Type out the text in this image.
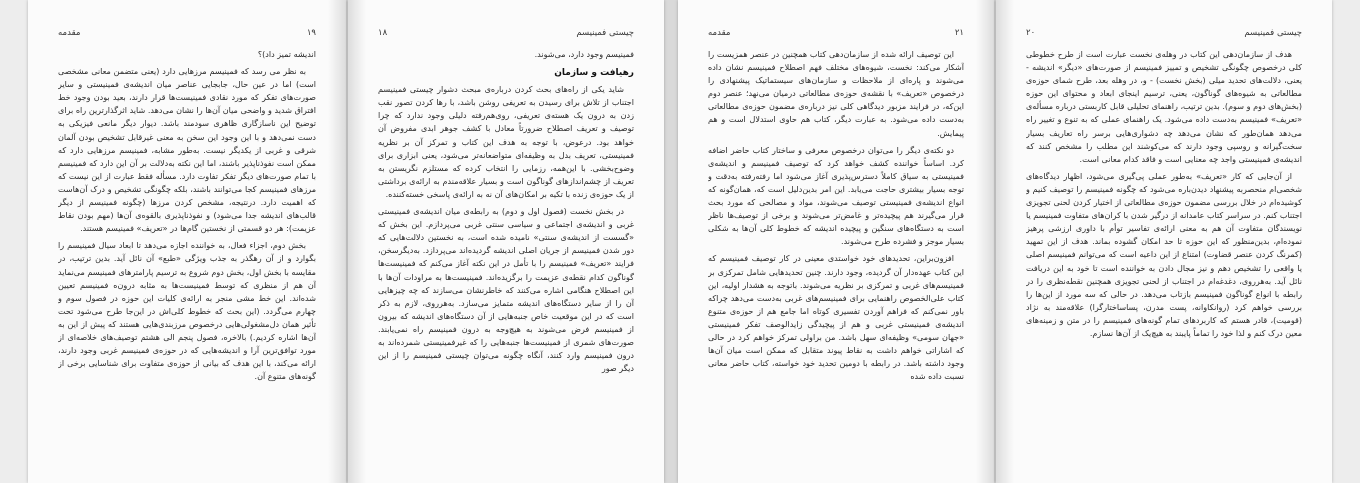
۱۹
مقدمه

اندیشه تمیز داد)؟

به نظر می رسد که فمینیسم مرزهایی دارد (یعنی متضمن معانی مشخصی است) اما در عین حال، جابجایی عناصر میان اندیشه‌ی فمینیستی و سایر صورت‌های تفکر که مورد نقادی فمینیست‌ها قرار دارند، بعید بودن وجود خط افتراق شدید و واضحی میان آن‌ها را نشان می‌دهد. شاید اثرگذار‌ترین راه برای توضیح این ناسازگاری ظاهری سودمند باشد. دیوار دیگر مانعی فیزیکی به دست نمی‌دهد و با این وجود این سخن به معنی غیرقابل تشخیص بودن آلمان شرقی و غربی از یکدیگر نیست. به‌طور مشابه، فمینیسم مرزهایی دارد که ممکن است نفوذناپذیر باشند، اما این نکته به‌دلالت بر آن این دارد که فمینیسم با تمام صورت‌های دیگر تفکر تفاوت دارد. مسأله فقط عبارت از این نیست که مرزهای فمینیسم کجا می‌توانند باشند، بلکه چگونگی تشخیص و درک آن‌هاست که اهمیت دارد. درنتیجه، مشخص کردن مرزها (چگونه فمینیسم از دیگر قالب‌های اندیشه جدا می‌شود) و نفوذناپذیری بالقوه‌ی آن‌ها (مهم بودن نقاط عزیمت): هر دو قسمتی از نخستین گام‌ها در «تعریف» فمینیسم هستند.

بخش دوم، اجزاء فعال، به خواننده اجازه می‌دهد تا ابعاد سیال فمینیسم را بگوارد و از آن رهگذر به جذب ویژگی «طبع» آن نائل آید. بدین ترتیب، در مقایسه با بخش اول، بخش دوم شروع به ترسیم پارامترهای فمینیسم می‌نماید آن هم از منظری که توسط فمینیست‌ها به مثابه درون‌ه فمینیسم تعیین شده‌اند. این خط مشی منجر به ارائه‌ی کلیات این حوزه در فصول سوم و چهارم می‌گردد. (این بحث که خطوط کلی‌اش در این‌جا طرح می‌شود تحت تأثیر همان دل‌مشغولی‌هایی درخصوص مرزبندی‌هایی هستند که پیش از این به آن‌ها اشاره کردیم.) بالاخره، فصول پنجم الی هشتم توصیف‌های خلاصه‌ای از مورد توافق‌ترین آرا و اندیشه‌هایی که در حوزه‌ی فمینیسم غربی وجود دارند، ارائه می‌کند، با این هدف که بیانی از حوزه‌ی متفاوت برای شناسایی برخی از گونه‌های متنوع آن.

چیستی فمینیسم
۱۸

فمینیسم وجود دارد، می‌شوند.

رهیافت و سازمان

شاید یکی از راه‌های بحث کردن درباره‌ی مبحث دشوار چیستی فمینیسم اجتناب از تلاش برای رسیدن به تعریفی روشن باشد، با رها کردن تصور نقب زدن به درون یک هسته‌ی تعریفی، روی‌هم‌رفته دلیلی وجود ندارد که چرا توصیف و تعریف اصطلاح ضرورتاً معادل با کشف جوهر ابدی مفروض آن خواهد بود. درعوض، با توجه به هدف این کتاب و تمرکز آن بر نظریه فمینیستی، تعریف بدل به وظیفه‌ای متواضعانه‌تر می‌شود، یعنی ابزاری برای وضوح‌بخشی. با این‌همه، رزمایی را انتخاب کرده که مستلزم نگریستن به تعریف از چشم‌اندازهای گوناگون است و بسیار علاقه‌مندم به ارائه‌ی برداشتی از یک حوزه‌ی زنده با تکیه بر امکان‌های آن نه به ارائه‌ی پاسخی خسته‌کننده.

در بخش نخست (فصول اول و دوم) به رابطه‌ی میان اندیشه‌ی فمینیستی غربی و اندیشه‌ی اجتماعی و سیاسی سنتی غربی می‌پردازم. این بخش که «گسست از اندیشه‌ی سنتی» نامیده شده است، به نخستین دلالت‌هایی که دور شدن فمینیسم از جریان اصلی اندیشه گردیده‌اند می‌پردازد. به‌دیگرسخن، فرایند «تعریف» فمینیسم را با تأمل در این نکته آغاز می‌کنم که فمینیست‌ها گوناگون کدام نقطه‌ی عزیمت را برگزیده‌اند. فمینیست‌ها به مراودات آن‌ها با این اصطلاح هنگامی اشاره می‌کنند که خاطرنشان می‌سازند که چه چیزهایی آن را از سایر دستگاه‌های اندیشه متمایز می‌سازد. به‌هرروی، لازم به ذکر است که در این موقعیت خاص جنبه‌هایی از آن دستگاه‌های اندیشه که بیرون از فمینیسم فرض می‌شوند به هیچ‌وجه به درون فمینیسم راه نمی‌یابند. صورت‌های شمری از فمینیست‌ها جنبه‌هایی را که غیرفمینیستی شمرده‌اند به درون فمینیسم وارد کنند، آنگاه چگونه می‌توان چیستی فمینیسم را از این دیگر صور

۲۱
مقدمه

این توصیف ارائه شده از سازمان‌دهی کتاب همچنین در عنصر همزیست را آشکار می‌کند: نخست، شیوه‌های مختلف فهم اصطلاح فمینیسم نشان داده می‌شوند و پاره‌ای از ملاحظات و سازمان‌های سیستماتیک پیشنهادی را درخصوص «تعریف» با نقشه‌ی حوزه‌ی مطالعاتی درمیان می‌نهد؛ عنصر دوم این‌که، در فرایند مزبور دیدگاهی کلی نیز درباره‌ی مضمون حوزه‌ی مطالعاتی به‌دست داده می‌شود. به عبارت دیگر، کتاب هم حاوی استدلال است و هم پیمایش.

دو نکته‌ی دیگر را می‌توان درخصوص معرفی و ساختار کتاب حاضر اضافه کرد. اساساً خواننده کشف خواهد کرد که توصیف فمینیسم و اندیشه‌ی فمینیستی به سیاق کاملاً دسترس‌پذیری آغاز می‌شود اما رفته‌رفته به‌دقت و توجه بسیار بیشتری حاجت می‌یابد. این امر بدین‌دلیل است که، همان‌گونه که انواع اندیشه‌ی فمینیستی توصیف می‌شوند، مواد و مصالحی که مورد بحث قرار می‌گیرند هم پیچیده‌تر و غامض‌تر می‌شوند و برخی از توصیف‌ها ناظر است به دستگاه‌های سنگین و پیچیده اندیشه که خطوط کلی آن‌ها به شکلی بسیار موجز و فشرده طرح می‌شوند.

افزون‌براین، تحدیدهای خود خواستدی معینی در کار توصیف فمینیسم که این کتاب عهده‌دار آن گردیده، وجود دارند. چنین تحدیدهایی شامل تمرکزی بر فمینیسم‌های غربی و تمرکزی بر نظریه می‌شوند. باتوجه به هشدار اولیه، این کتاب علی‌الخصوص راهنمایی برای فمینیسم‌های غربی به‌دست می‌دهد چراکه باور نمی‌کنم که فراهم آوردن تفسیری کوتاه اما جامع هم از حوزه‌ی متنوع اندیشه‌ی فمینیستی غربی و هم از پیچیدگی زایدالوصف تفکر فمینیستی «جهان سومی» وظیفه‌ای سهل باشد. من براولی تمرکز خواهم کرد در حالی که اشاراتی خواهم داشت به نقاط پیوند متقابل که ممکن است میان آن‌ها وجود داشته باشد. در رابطه با دومین تحدید خود خواسته، کتاب حاضر معانی نسبت داده شده

چیستی فمینیسم
۲۰

هدف از سازمان‌دهی این کتاب در وهله‌ی نخست عبارت است از طرح خطوطی کلی درخصوص چگونگی تشخیص و تمییز فمینیسم از صورت‌های «دیگر» اندیشه - یعنی، دلالت‌های تحدید میلی (بخش نخست) - و، در وهله بعد، طرح شمای حوزه‌ی مطالعاتی به شیوه‌های گوناگون، یعنی، ترسیم اینجای ابعاد و محتوای این حوزه (بخش‌های دوم و سوم). بدین ترتیب، راهنمای تحلیلی قابل کاربستی درباره مسأله‌ی «تعریف» فمینیسم به‌دست داده می‌شود. یک راهنمای عملی که به تنوع و تغییر راه می‌دهد همان‌طور که نشان می‌دهد چه دشواری‌هایی برسر راه تعاریف بسیار سخت‌گیرانه و روسپی وجود دارند که می‌کوشند این مطلب را مشخص کنند که اندیشه‌ی فمینیستی واجد چه معنایی است و فاقد کدام معانی است.

از آن‌جایی که کار «تعریف» به‌طور عملی پی‌گیری می‌شود، اظهار دیدگاه‌های شخصی‌ام منحصربه پیشنهاد دیدن‌باره می‌شود که چگونه فمینیسم را توصیف کنیم و کوشیده‌ام در خلال بررسی مضمون حوزه‌ی مطالعاتی از اختیار کردن لحنی تجویزی اجتناب کنم. در سراسر کتاب عامدانه از درگیر شدن با کران‌های متفاوت فمینیسم یا نویسندگان متفاوت آن هم به معنی ارائه‌ی تفاسیر توأم با داوری ارزشی پرهیز نموده‌ام، بدین‌منظور که این حوزه تا حد امکان گشوده بماند. هدف از این تمهید (کمرنگ کردن عنصر قضاوت) امتناع از این داعیه است که می‌توانم فمینیسم اصلی یا واقعی را تشخیص دهم و نیز مجال دادن به خواننده است تا خود به این دریافت نائل آید. به‌هرروی، دغدغه‌ام در اجتناب از لحنی تجویزی همچنین نقطه‌نظری را در رابطه با انواع گوناگون فمینیسم بازتاب می‌دهد. در حالی که سه مورد از این‌ها را بررسی خواهم کرد (روانکاوانه، پست مدرن، پساساختارگرا) علاقه‌مند به نژاد (قومیت)، قادر هستم که کاربردهای تمام گونه‌های فمینیسم را در متن و زمینه‌های معین درک کنم و لذا خود را تماماً پایبند به هیچ‌یک از آن‌ها نسازم.
